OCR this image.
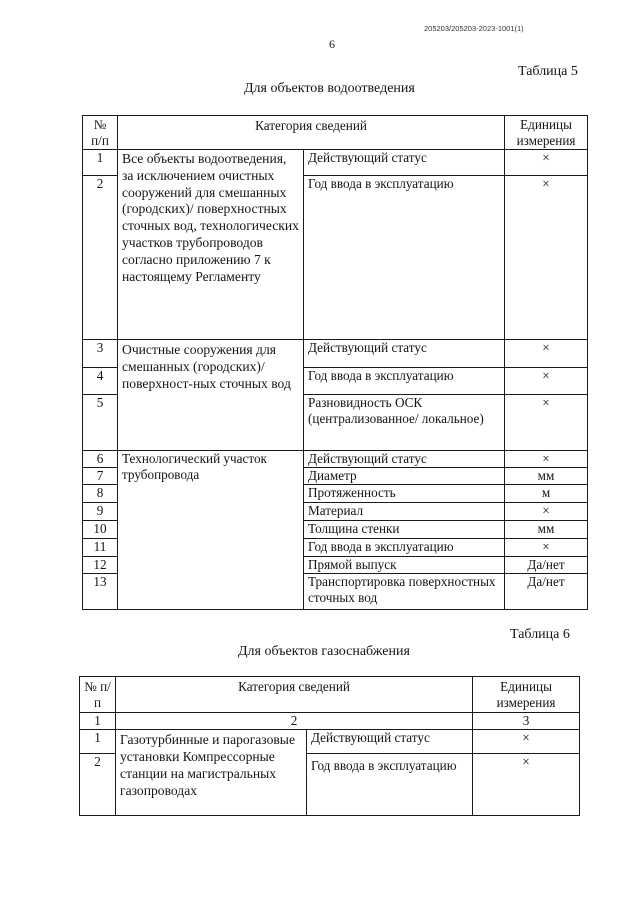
205203/205203-2023-1001(1)
6
Таблица 5
Для объектов водоотведения
№ п/п	Категория сведений		Единицы измерения
1	Все объекты водоотведения, за исключением очистных сооружений для смешанных (городских)/ поверхностных сточных вод, технологических участков трубопроводов согласно приложению 7 к настоящему Регламенту	Действующий статус	×
2		Год ввода в эксплуатацию	×
3	Очистные сооружения для смешанных (городских)/поверхност-ных сточных вод	Действующий статус	×
4		Год ввода в эксплуатацию	×
5		Разновидность ОСК (централизованное/ локальное)	×
6	Технологический участок трубопровода	Действующий статус	×
7		Диаметр	мм
8		Протяженность	м
9		Материал	×
10		Толщина стенки	мм
11		Год ввода в эксплуатацию	×
12		Прямой выпуск	Да/нет
13		Транспортировка поверхностных сточных вод	Да/нет
Таблица 6
Для объектов газоснабжения
№ п/п	Категория сведений		Единицы измерения
1	2		3
1	Газотурбинные и парогазовые установки Компрессорные станции на магистральных газопроводах	Действующий статус	×
2		Год ввода в эксплуатацию	×
